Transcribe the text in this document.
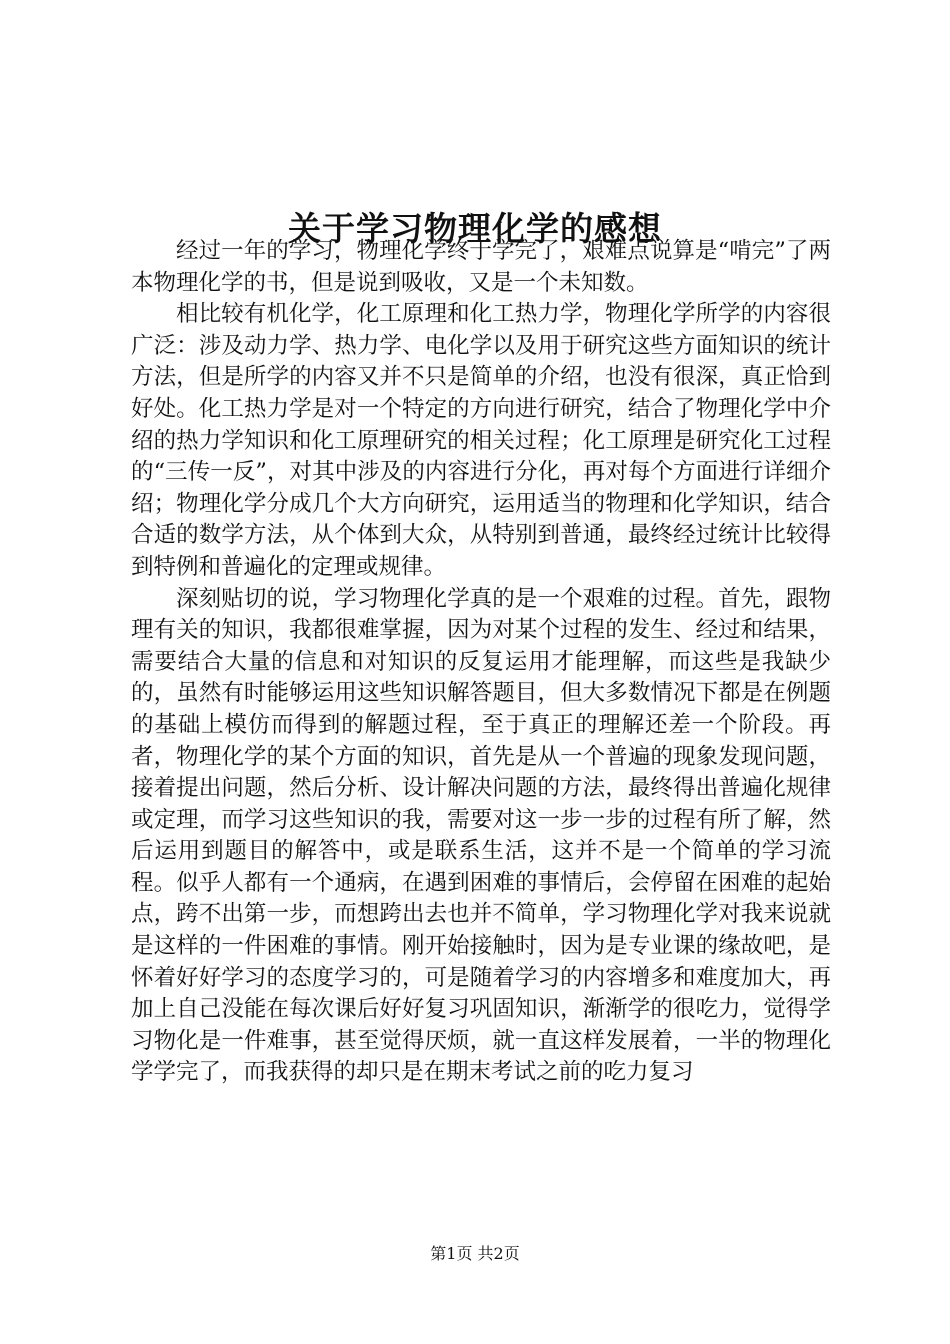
关于学习物理化学的感想

经过一年的学习，物理化学终于学完了，艰难点说算是“啃完”了两本物理化学的书，但是说到吸收，又是一个未知数。

相比较有机化学，化工原理和化工热力学，物理化学所学的内容很广泛：涉及动力学、热力学、电化学以及用于研究这些方面知识的统计方法，但是所学的内容又并不只是简单的介绍，也没有很深，真正恰到好处。化工热力学是对一个特定的方向进行研究，结合了物理化学中介绍的热力学知识和化工原理研究的相关过程；化工原理是研究化工过程的“三传一反”，对其中涉及的内容进行分化，再对每个方面进行详细介绍；物理化学分成几个大方向研究，运用适当的物理和化学知识，结合合适的数学方法，从个体到大众，从特别到普通，最终经过统计比较得到特例和普遍化的定理或规律。

深刻贴切的说，学习物理化学真的是一个艰难的过程。首先，跟物理有关的知识，我都很难掌握，因为对某个过程的发生、经过和结果，需要结合大量的信息和对知识的反复运用才能理解，而这些是我缺少的，虽然有时能够运用这些知识解答题目，但大多数情况下都是在例题的基础上模仿而得到的解题过程，至于真正的理解还差一个阶段。再者，物理化学的某个方面的知识，首先是从一个普遍的现象发现问题，接着提出问题，然后分析、设计解决问题的方法，最终得出普遍化规律或定理，而学习这些知识的我，需要对这一步一步的过程有所了解，然后运用到题目的解答中，或是联系生活，这并不是一个简单的学习流程。似乎人都有一个通病，在遇到困难的事情后，会停留在困难的起始点，跨不出第一步，而想跨出去也并不简单，学习物理化学对我来说就是这样的一件困难的事情。刚开始接触时，因为是专业课的缘故吧，是怀着好好学习的态度学习的，可是随着学习的内容增多和难度加大，再加上自己没能在每次课后好好复习巩固知识，渐渐学的很吃力，觉得学习物化是一件难事，甚至觉得厌烦，就一直这样发展着，一半的物理化学学完了，而我获得的却只是在期末考试之前的吃力复习

第1页 共2页
